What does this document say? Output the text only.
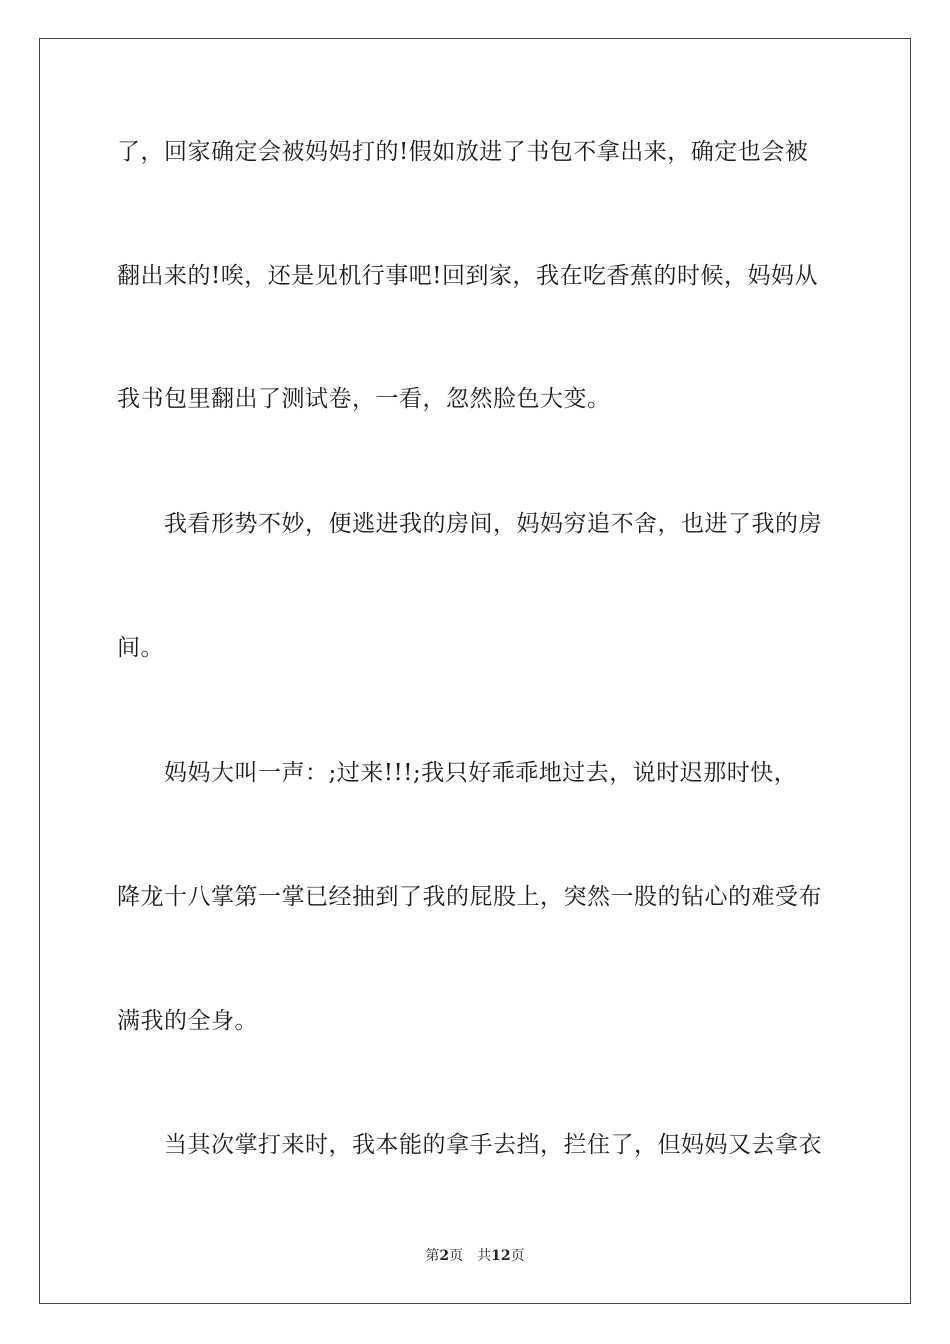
了，回家确定会被妈妈打的!假如放进了书包不拿出来，确定也会被
翻出来的!唉，还是见机行事吧!回到家，我在吃香蕉的时候，妈妈从
我书包里翻出了测试卷，一看，忽然脸色大变。
我看形势不妙，便逃进我的房间，妈妈穷追不舍，也进了我的房
间。
妈妈大叫一声：;过来!!!;我只好乖乖地过去，说时迟那时快，
降龙十八掌第一掌已经抽到了我的屁股上，突然一股的钻心的难受布
满我的全身。
当其次掌打来时，我本能的拿手去挡，拦住了，但妈妈又去拿衣
第2页 共12页
